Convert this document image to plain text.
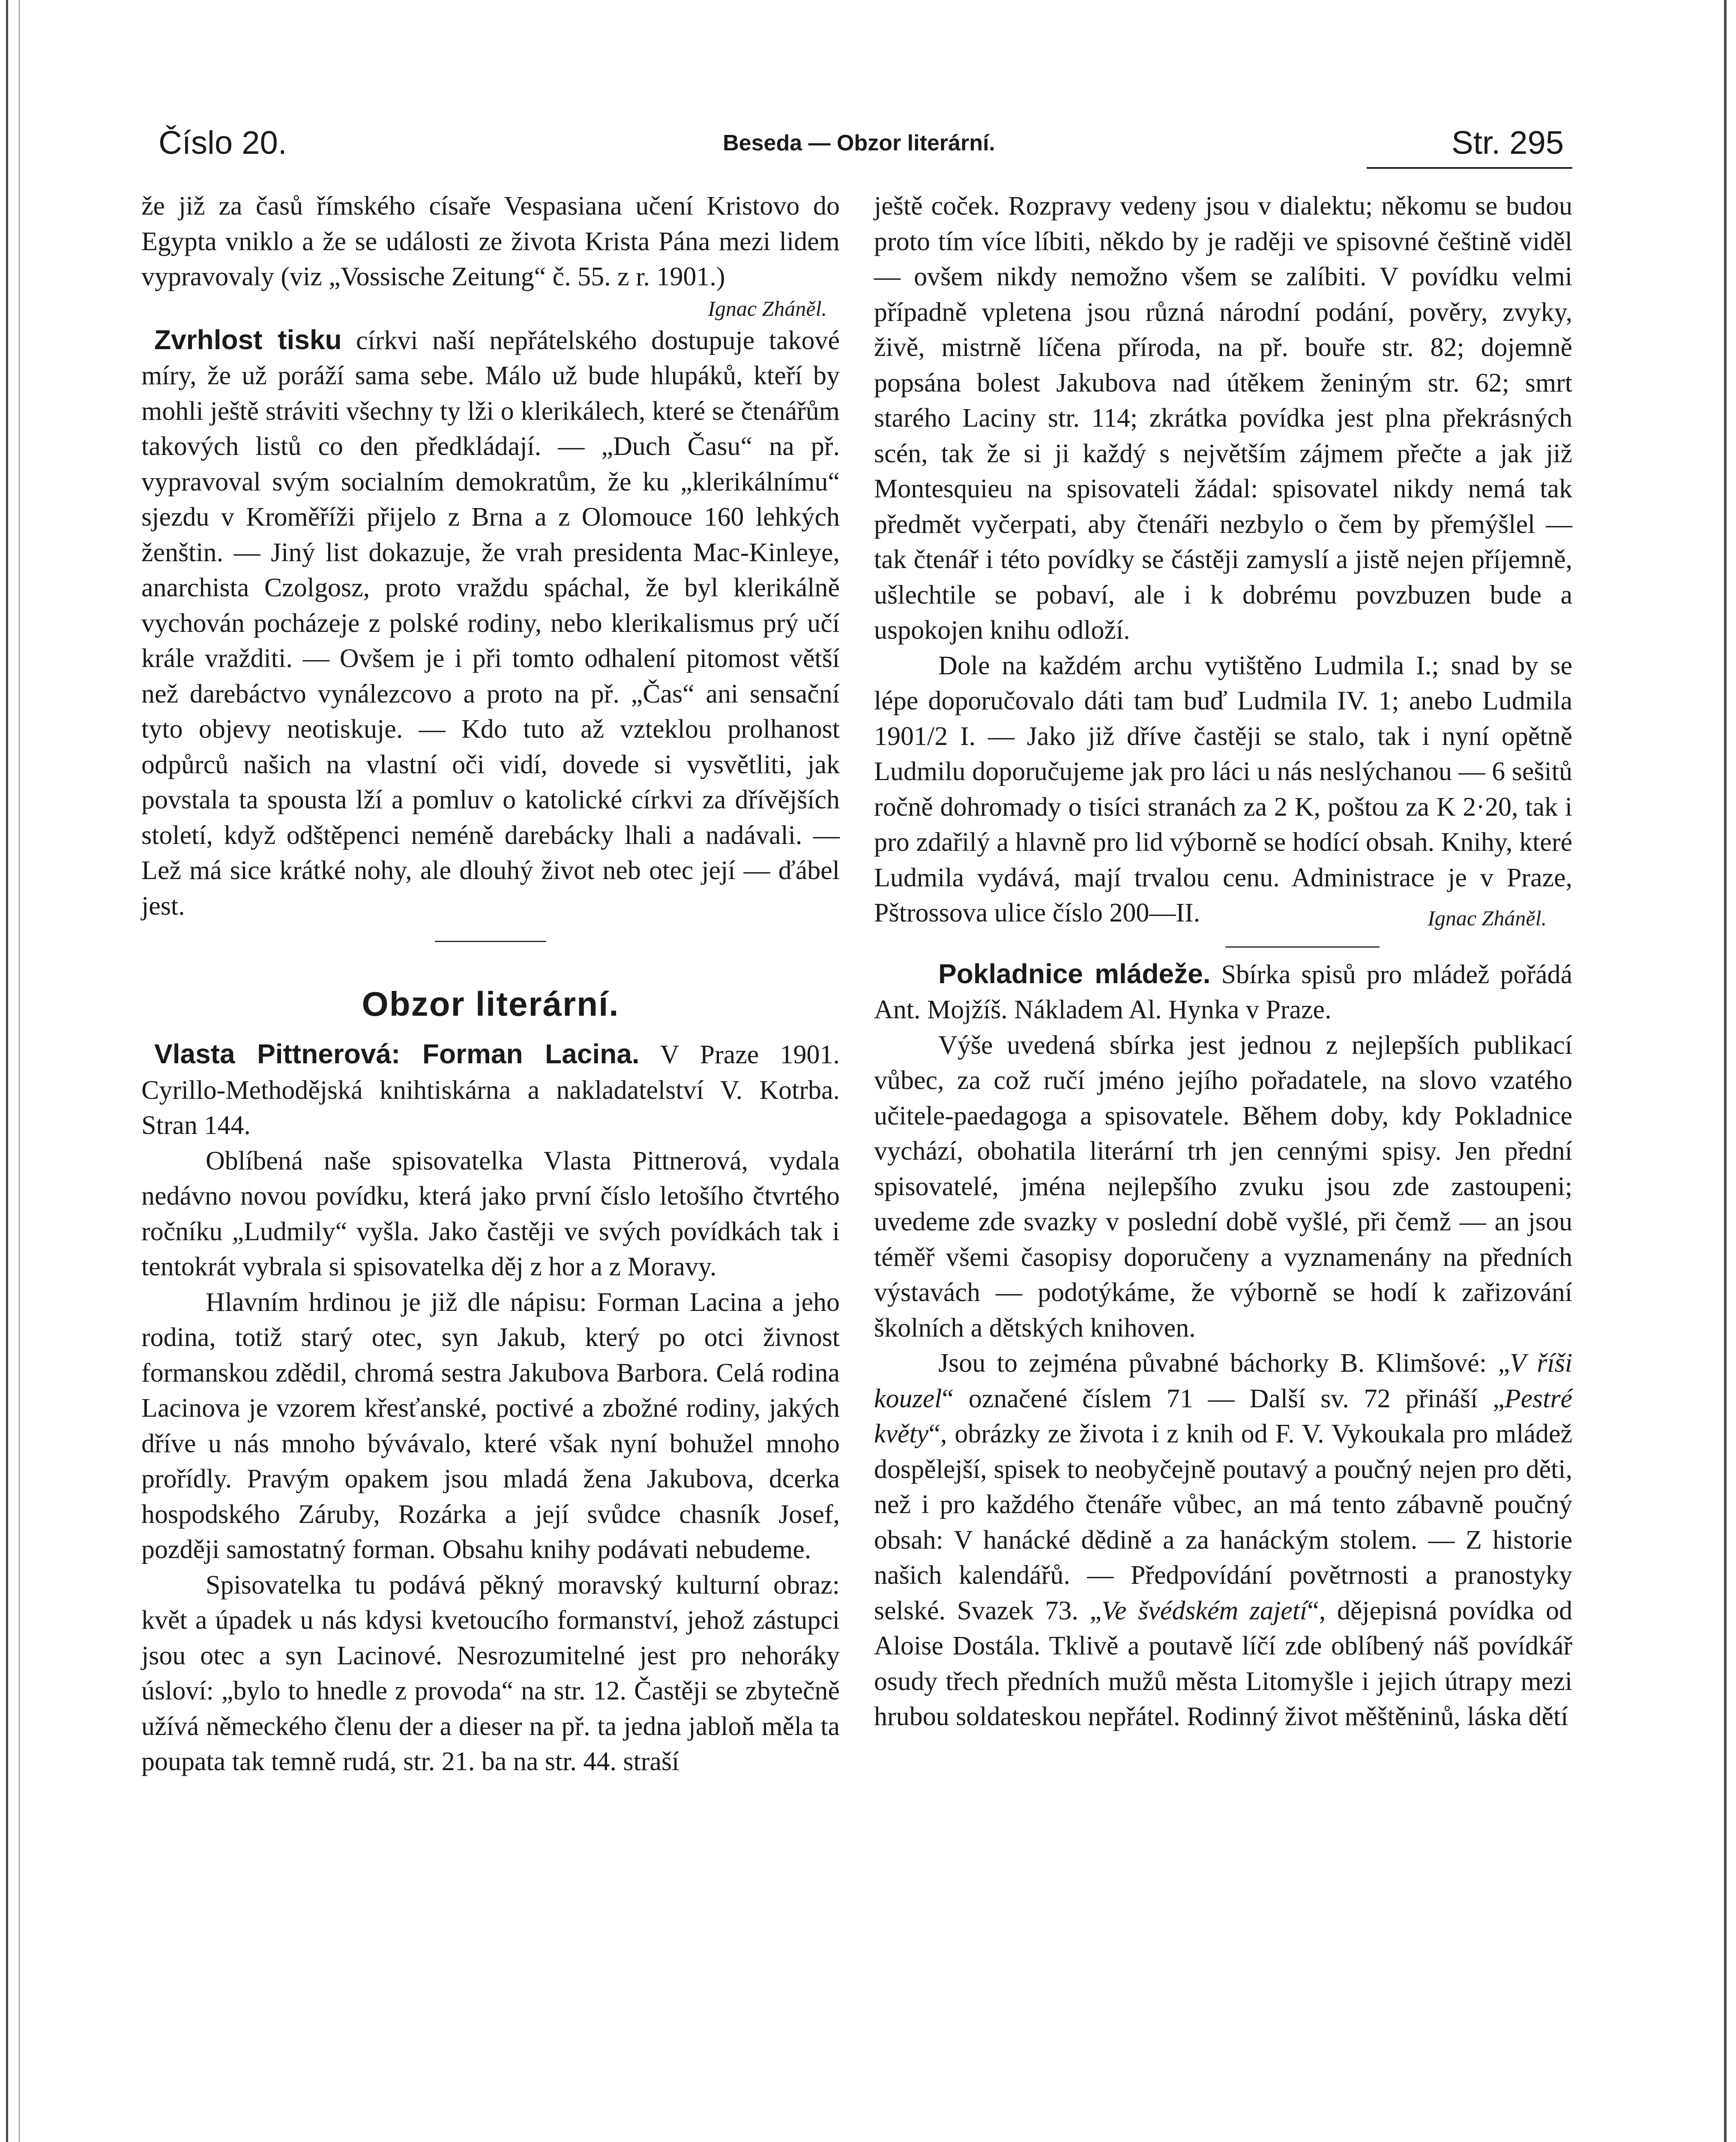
Číslo 20.	Beseda — Obzor literární.	Str. 295

že již za časů římského císaře Vespasiana učení Kristovo do Egypta vniklo a že se události ze života Krista Pána mezi lidem vypravovaly (viz „Vossische Zeitung“ č. 55. z r. 1901.)

Ignac Zháněl.

Zvrhlost tisku církvi naší nepřátelského dostupuje takové míry, že už poráží sama sebe. Málo už bude hlupáků, kteří by mohli ještě stráviti všechny ty lži o klerikálech, které se čtenářům takových listů co den předkládají. — „Duch Času“ na př. vypravoval svým socialním demokratům, že ku „klerikálnímu“ sjezdu v Kroměříži přijelo z Brna a z Olomouce 160 lehkých ženštin. — Jiný list dokazuje, že vrah presidenta Mac-Kinleye, anarchista Czolgosz, proto vraždu spáchal, že byl klerikálně vychován pocházeje z polské rodiny, nebo klerikalismus prý učí krále vražditi. — Ovšem je i při tomto odhalení pitomost větší než darebáctvo vynálezcovo a proto na př. „Čas“ ani sensační tyto objevy neotiskuje. — Kdo tuto až vzteklou prolhanost odpůrců našich na vlastní oči vidí, dovede si vysvětliti, jak povstala ta spousta lží a pomluv o katolické církvi za dřívějších století, když odštěpenci neméně darebácky lhali a nadávali. — Lež má sice krátké nohy, ale dlouhý život neb otec její — ďábel jest.

Obzor literární.

Vlasta Pittnerová: Forman Lacina. V Praze 1901. Cyrillo-Methodějská knihtiskárna a nakladatelství V. Kotrba. Stran 144.

Oblíbená naše spisovatelka Vlasta Pittnerová, vydala nedávno novou povídku, která jako první číslo letošího čtvrtého ročníku „Ludmily“ vyšla. Jako častěji ve svých povídkách tak i tentokrát vybrala si spisovatelka děj z hor a z Moravy.

Hlavním hrdinou je již dle nápisu: Forman Lacina a jeho rodina, totiž starý otec, syn Jakub, který po otci živnost formanskou zdědil, chromá sestra Jakubova Barbora. Celá rodina Lacinova je vzorem křesťanské, poctivé a zbožné rodiny, jakých dříve u nás mnoho bývávalo, které však nyní bohužel mnoho prořídly. Pravým opakem jsou mladá žena Jakubova, dcerka hospodského Záruby, Rozárka a její svůdce chasník Josef, později samostatný forman. Obsahu knihy podávati nebudeme.

Spisovatelka tu podává pěkný moravský kulturní obraz: květ a úpadek u nás kdysi kvetoucího formanství, jehož zástupci jsou otec a syn Lacinové. Nesrozumitelné jest pro nehoráky úsloví: „bylo to hnedle z provoda“ na str. 12. Častěji se zbytečně užívá německého členu der a dieser na př. ta jedna jabloň měla ta poupata tak temně rudá, str. 21. ba na str. 44. straší

ještě coček. Rozpravy vedeny jsou v dialektu; někomu se budou proto tím více líbiti, někdo by je raději ve spisovné češtině viděl — ovšem nikdy nemožno všem se zalíbiti. V povídku velmi případně vpletena jsou různá národní podání, pověry, zvyky, živě, mistrně líčena příroda, na př. bouře str. 82; dojemně popsána bolest Jakubova nad útěkem ženiným str. 62; smrt starého Laciny str. 114; zkrátka povídka jest plna překrásných scén, tak že si ji každý s největším zájmem přečte a jak již Montesquieu na spisovateli žádal: spisovatel nikdy nemá tak předmět vyčerpati, aby čtenáři nezbylo o čem by přemýšlel — tak čtenář i této povídky se částěji zamyslí a jistě nejen příjemně, ušlechtile se pobaví, ale i k dobrému povzbuzen bude a uspokojen knihu odloží.

Dole na každém archu vytištěno Ludmila I.; snad by se lépe doporučovalo dáti tam buď Ludmila IV. 1; anebo Ludmila 1901/2 I. — Jako již dříve častěji se stalo, tak i nyní opětně Ludmilu doporučujeme jak pro láci u nás neslýchanou — 6 sešitů ročně dohromady o tisíci stranách za 2 K, poštou za K 2·20, tak i pro zdařilý a hlavně pro lid výborně se hodící obsah. Knihy, které Ludmila vydává, mají trvalou cenu. Administrace je v Praze, Pštrossova ulice číslo 200—II.	Ignac Zháněl.

Pokladnice mládeže. Sbírka spisů pro mládež pořádá Ant. Mojžíš. Nákladem Al. Hynka v Praze.

Výše uvedená sbírka jest jednou z nejlepších publikací vůbec, za což ručí jméno jejího pořadatele, na slovo vzatého učitele-paedagoga a spisovatele. Během doby, kdy Pokladnice vychází, obohatila literární trh jen cennými spisy. Jen přední spisovatelé, jména nejlepšího zvuku jsou zde zastoupeni; uvedeme zde svazky v poslední době vyšlé, při čemž — an jsou téměř všemi časopisy doporučeny a vyznamenány na předních výstavách — podotýkáme, že výborně se hodí k zařizování školních a dětských knihoven.

Jsou to zejména půvabné báchorky B. Klimšové: „V říši kouzel“ označené číslem 71 — Další sv. 72 přináší „Pestré květy“, obrázky ze života i z knih od F. V. Vykoukala pro mládež dospělejší, spisek to neobyčejně poutavý a poučný nejen pro děti, než i pro každého čtenáře vůbec, an má tento zábavně poučný obsah: V hanácké dědině a za hanáckým stolem. — Z historie našich kalendářů. — Předpovídání povětrnosti a pranostyky selské. Svazek 73. „Ve švédském zajetí“, dějepisná povídka od Aloise Dostála. Tklivě a poutavě líčí zde oblíbený náš povídkář osudy třech předních mužů města Litomyšle i jejich útrapy mezi hrubou soldateskou nepřátel. Rodinný život měštěninů, láska dětí
